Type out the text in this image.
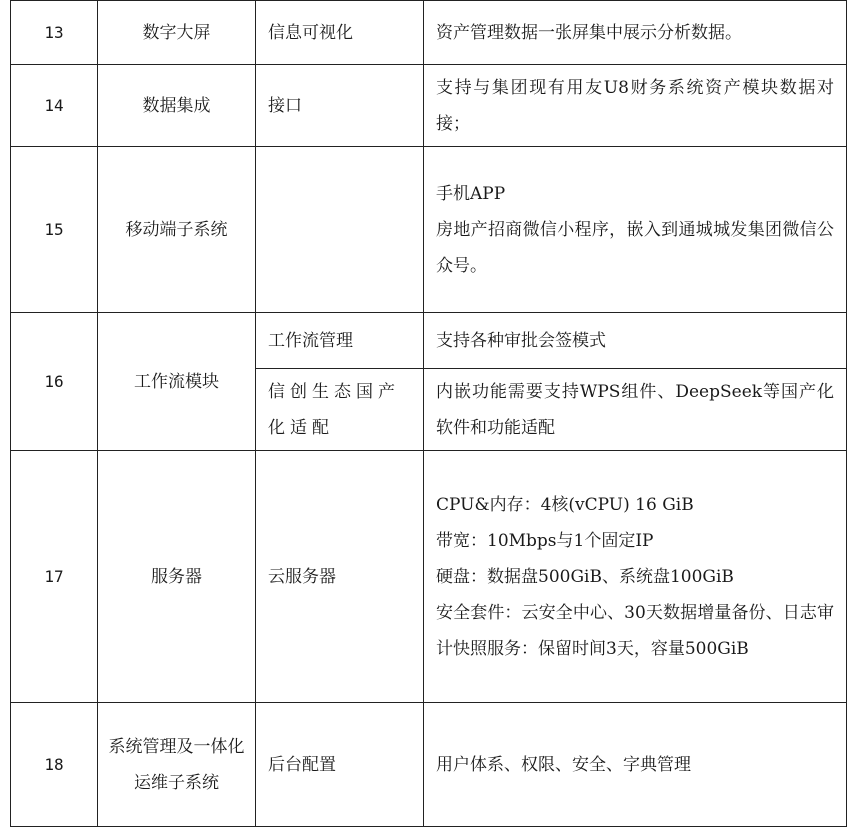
13	数字大屏	信息可视化	资产管理数据一张屏集中展示分析数据。

14	数据集成	接口	支持与集团现有用友U8财务系统资产模块数据对接；

15	移动端子系统		手机APP
房地产招商微信小程序，嵌入到通城城发集团微信公众号。

16	工作流模块	工作流管理	支持各种审批会签模式

		信创生态国产化适配	内嵌功能需要支持WPS组件、DeepSeek等国产化软件和功能适配

17	服务器	云服务器	CPU&内存：4核(vCPU) 16 GiB
带宽：10Mbps与1个固定IP
硬盘：数据盘500GiB、系统盘100GiB
安全套件：云安全中心、30天数据增量备份、日志审计快照服务：保留时间3天，容量500GiB

18	系统管理及一体化运维子系统	后台配置	用户体系、权限、安全、字典管理
